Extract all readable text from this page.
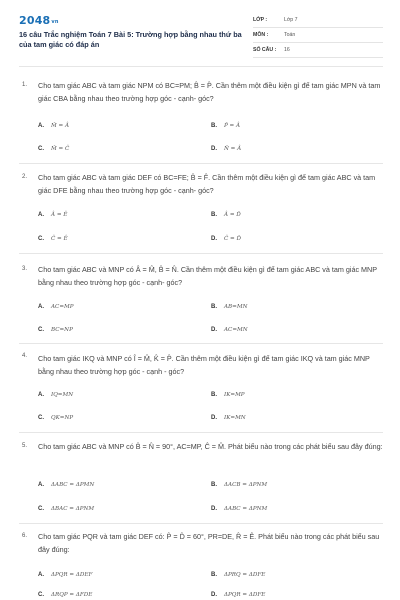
2048vn
16 câu Trắc nghiệm Toán 7 Bài 5: Trường hợp bằng nhau thứ ba của tam giác có đáp án
LỚP :	Lớp 7
MÔN :	Toán
SỐ CÂU : 16
1. Cho tam giác ABC và tam giác NPM có BC=PM; B̂ = P̂. Cần thêm một điều kiện gì để tam giác MPN và tam giác CBA bằng nhau theo trường hợp góc - cạnh- góc?
A. M̂ = Â	B. P̂ = Â
C. M̂ = Ĉ	D. N̂ = Â
2. Cho tam giác ABC và tam giác DEF có BC=FE; B̂ = F̂. Cần thêm một điều kiện gì để tam giác ABC và tam giác DFE bằng nhau theo trường hợp góc - cạnh- góc?
A. Â = Ê	B. Â = D̂
C. Ĉ = Ê	D. Ĉ = D̂
3. Cho tam giác ABC và MNP có Â = M̂, B̂ = N̂. Cần thêm một điều kiện gì để tam giác ABC và tam giác MNP bằng nhau theo trường hợp góc - cạnh- góc?
A. AC=MP	B. AB=MN
C. BC=NP	D. AC=MN
4. Cho tam giác IKQ và MNP có Î = M̂, K̂ = P̂. Cần thêm một điều kiện gì để tam giác IKQ và tam giác MNP bằng nhau theo trường hợp góc - cạnh - góc?
A. IQ=MN	B. IK=MP
C. QK=NP	D. IK=MN
5. Cho tam giác ABC và MNP có B̂ = N̂ = 90°, AC=MP, Ĉ = M̂. Phát biểu nào trong các phát biểu sau đây đúng:
A. ΔABC = ΔPMN	B. ΔACB = ΔPNM
C. ΔBAC = ΔPNM	D. ΔABC = ΔPNM
6. Cho tam giác PQR và tam giác DEF có: P̂ = D̂ = 60°, PR=DE, R̂ = Ê. Phát biểu nào trong các phát biểu sau đây đúng:
A. ΔPQR = ΔDEF	B. ΔPRQ = ΔDFE
C. ΔRQP = ΔFDE	D. ΔPQR = ΔDFE
